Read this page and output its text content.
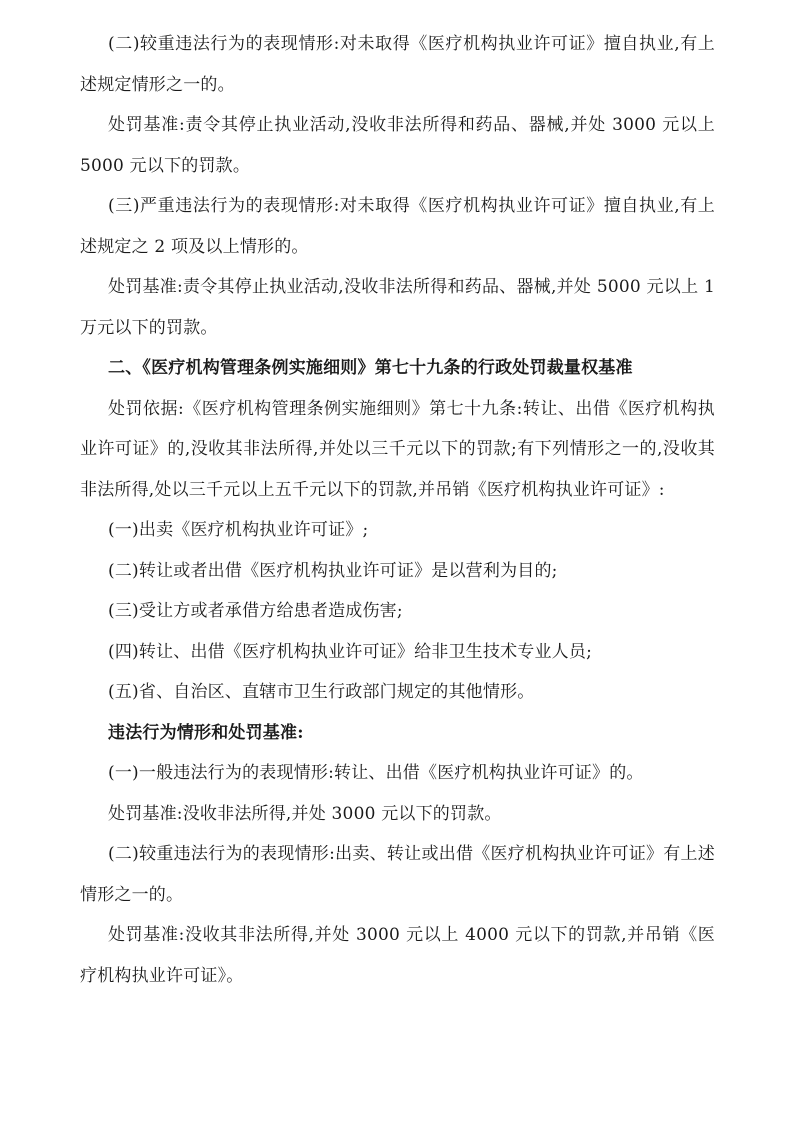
(二)较重违法行为的表现情形:对未取得《医疗机构执业许可证》擅自执业,有上述规定情形之一的。

处罚基准:责令其停止执业活动,没收非法所得和药品、器械,并处 3000 元以上 5000 元以下的罚款。

(三)严重违法行为的表现情形:对未取得《医疗机构执业许可证》擅自执业,有上述规定之 2 项及以上情形的。

处罚基准:责令其停止执业活动,没收非法所得和药品、器械,并处 5000 元以上 1 万元以下的罚款。

二、《医疗机构管理条例实施细则》第七十九条的行政处罚裁量权基准

处罚依据:《医疗机构管理条例实施细则》第七十九条:转让、出借《医疗机构执业许可证》的,没收其非法所得,并处以三千元以下的罚款;有下列情形之一的,没收其非法所得,处以三千元以上五千元以下的罚款,并吊销《医疗机构执业许可证》:

(一)出卖《医疗机构执业许可证》;

(二)转让或者出借《医疗机构执业许可证》是以营利为目的;

(三)受让方或者承借方给患者造成伤害;

(四)转让、出借《医疗机构执业许可证》给非卫生技术专业人员;

(五)省、自治区、直辖市卫生行政部门规定的其他情形。

违法行为情形和处罚基准:

(一)一般违法行为的表现情形:转让、出借《医疗机构执业许可证》的。

处罚基准:没收非法所得,并处 3000 元以下的罚款。

(二)较重违法行为的表现情形:出卖、转让或出借《医疗机构执业许可证》有上述情形之一的。

处罚基准:没收其非法所得,并处 3000 元以上 4000 元以下的罚款,并吊销《医疗机构执业许可证》。
